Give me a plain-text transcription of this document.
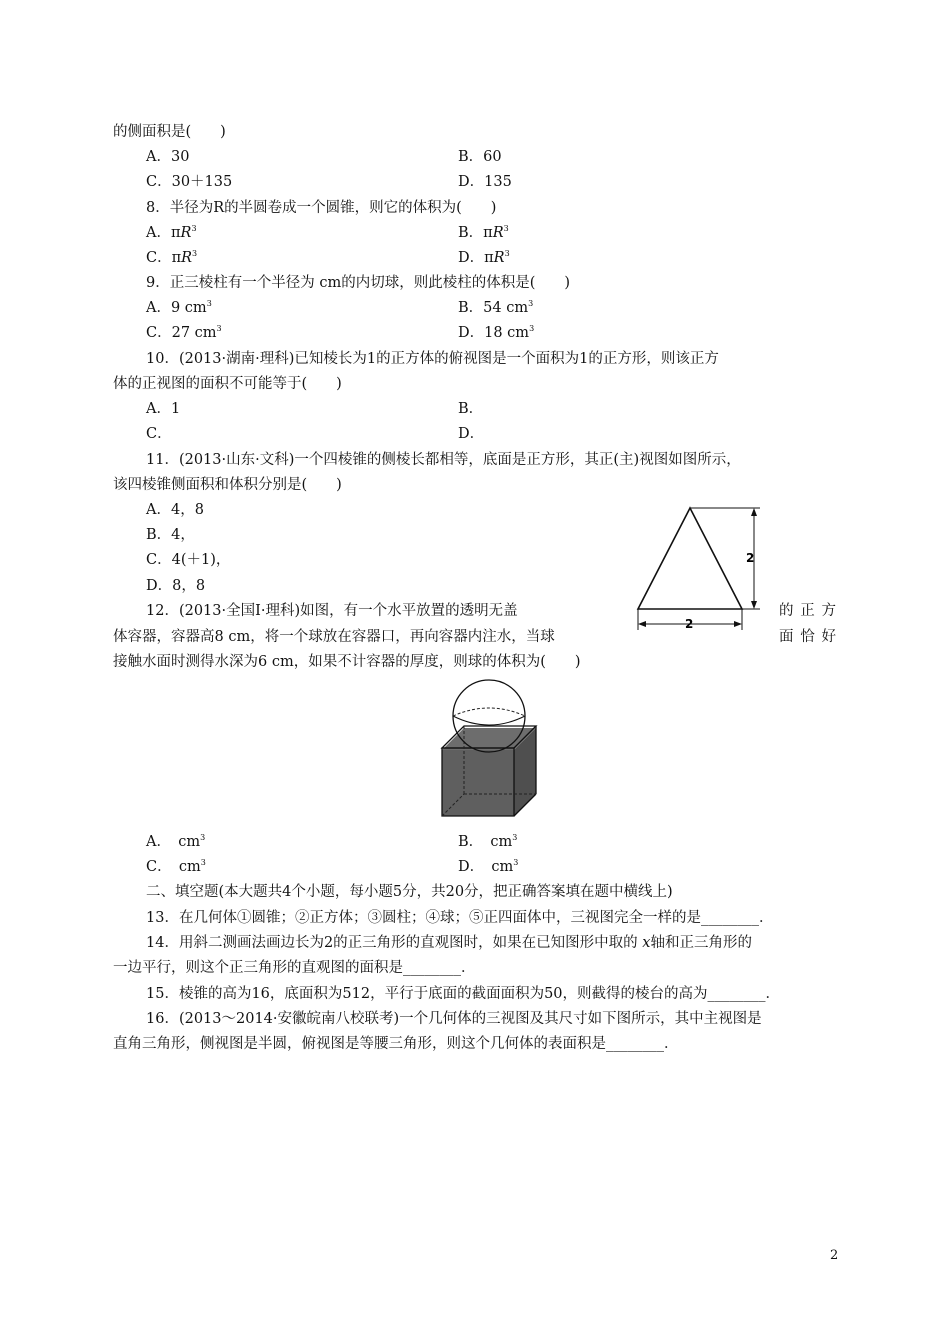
的侧面积是(　　)
A．30	B．60
C．30＋135	D．135
8．半径为R的半圆卷成一个圆锥，则它的体积为(　　)
A．$\pi R^3$	B．$\pi R^3$
C．$\pi R^3$	D．$\pi R^3$
9．正三棱柱有一个半径为 cm的内切球，则此棱柱的体积是(　　)
A．9 $cm^3$	B．54 $cm^3$
C．27 $cm^3$	D．18 $cm^3$
10．(2013·湖南·理科)已知棱长为1的正方体的俯视图是一个面积为1的正方形，则该正方
体的正视图的面积不可能等于(　　)
A．1	B．
C．	D．
11．(2013·山东·文科)一个四棱锥的侧棱长都相等，底面是正方形，其正(主)视图如图所示，
该四棱锥侧面积和体积分别是(　　)
A．4，8
B．4，
C．4(＋1)，
D．8，8
2
2
12．(2013·全国Ⅰ·理科)如图，有一个水平放置的透明无盖	的正方
体容器，容器高8 cm，将一个球放在容器口，再向容器内注水，当球	面恰好
接触水面时测得水深为6 cm，如果不计容器的厚度，则球的体积为(　　)
A．　$cm^3$	B．　$cm^3$
C．　$cm^3$	D．　$cm^3$
二、填空题(本大题共4个小题，每小题5分，共20分，把正确答案填在题中横线上)
13．在几何体①圆锥；②正方体；③圆柱；④球；⑤正四面体中，三视图完全一样的是________．
14．用斜二测画法画边长为2的正三角形的直观图时，如果在已知图形中取的 x轴和正三角形的
一边平行，则这个正三角形的直观图的面积是________．
15．棱锥的高为16，底面积为512，平行于底面的截面面积为50，则截得的棱台的高为________．
16．(2013～2014·安徽皖南八校联考)一个几何体的三视图及其尺寸如下图所示，其中主视图是
直角三角形，侧视图是半圆，俯视图是等腰三角形，则这个几何体的表面积是________．
2
